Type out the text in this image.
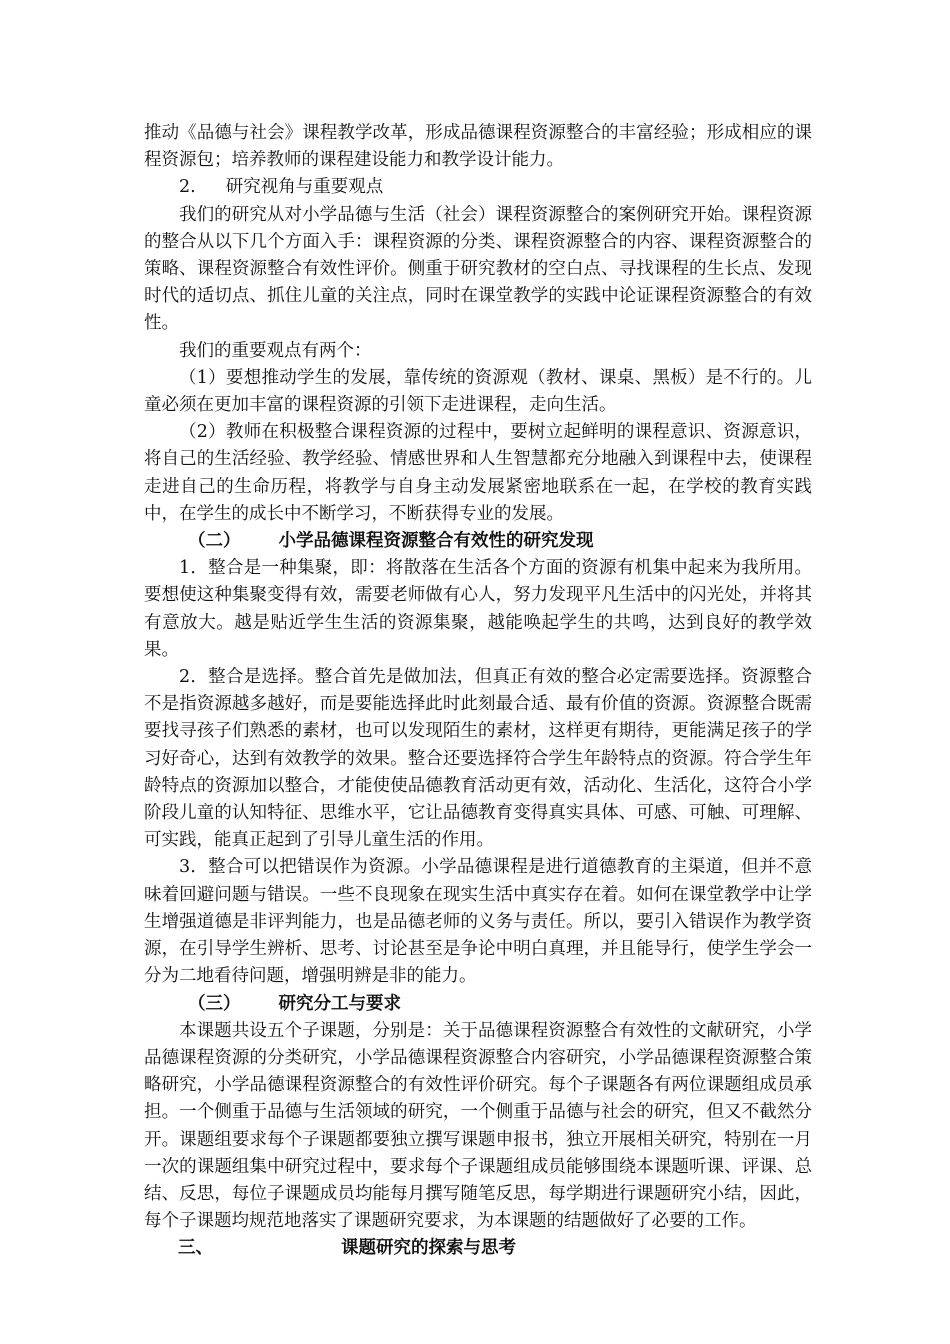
推动《品德与社会》课程教学改革，形成品德课程资源整合的丰富经验；形成相应的课程资源包；培养教师的课程建设能力和教学设计能力。

2. 研究视角与重要观点

我们的研究从对小学品德与生活（社会）课程资源整合的案例研究开始。课程资源的整合从以下几个方面入手：课程资源的分类、课程资源整合的内容、课程资源整合的策略、课程资源整合有效性评价。侧重于研究教材的空白点、寻找课程的生长点、发现时代的适切点、抓住儿童的关注点，同时在课堂教学的实践中论证课程资源整合的有效性。

我们的重要观点有两个：

（1）要想推动学生的发展，靠传统的资源观（教材、课桌、黑板）是不行的。儿童必须在更加丰富的课程资源的引领下走进课程，走向生活。

（2）教师在积极整合课程资源的过程中，要树立起鲜明的课程意识、资源意识，将自己的生活经验、教学经验、情感世界和人生智慧都充分地融入到课程中去，使课程走进自己的生命历程，将教学与自身主动发展紧密地联系在一起，在学校的教育实践中，在学生的成长中不断学习，不断获得专业的发展。

（二） 小学品德课程资源整合有效性的研究发现

1．整合是一种集聚，即：将散落在生活各个方面的资源有机集中起来为我所用。要想使这种集聚变得有效，需要老师做有心人，努力发现平凡生活中的闪光处，并将其有意放大。越是贴近学生生活的资源集聚，越能唤起学生的共鸣，达到良好的教学效果。

2．整合是选择。整合首先是做加法，但真正有效的整合必定需要选择。资源整合不是指资源越多越好，而是要能选择此时此刻最合适、最有价值的资源。资源整合既需要找寻孩子们熟悉的素材，也可以发现陌生的素材，这样更有期待，更能满足孩子的学习好奇心，达到有效教学的效果。整合还要选择符合学生年龄特点的资源。符合学生年龄特点的资源加以整合，才能使使品德教育活动更有效，活动化、生活化，这符合小学阶段儿童的认知特征、思维水平，它让品德教育变得真实具体、可感、可触、可理解、可实践，能真正起到了引导儿童生活的作用。

3．整合可以把错误作为资源。小学品德课程是进行道德教育的主渠道，但并不意味着回避问题与错误。一些不良现象在现实生活中真实存在着。如何在课堂教学中让学生增强道德是非评判能力，也是品德老师的义务与责任。所以，要引入错误作为教学资源，在引导学生辨析、思考、讨论甚至是争论中明白真理，并且能导行，使学生学会一分为二地看待问题，增强明辨是非的能力。

（三） 研究分工与要求

本课题共设五个子课题，分别是：关于品德课程资源整合有效性的文献研究，小学品德课程资源的分类研究，小学品德课程资源整合内容研究，小学品德课程资源整合策略研究，小学品德课程资源整合的有效性评价研究。每个子课题各有两位课题组成员承担。一个侧重于品德与生活领域的研究，一个侧重于品德与社会的研究，但又不截然分开。课题组要求每个子课题都要独立撰写课题申报书，独立开展相关研究，特别在一月一次的课题组集中研究过程中，要求每个子课题组成员能够围绕本课题听课、评课、总结、反思，每位子课题成员均能每月撰写随笔反思，每学期进行课题研究小结，因此，每个子课题均规范地落实了课题研究要求，为本课题的结题做好了必要的工作。

三、	课题研究的探索与思考
